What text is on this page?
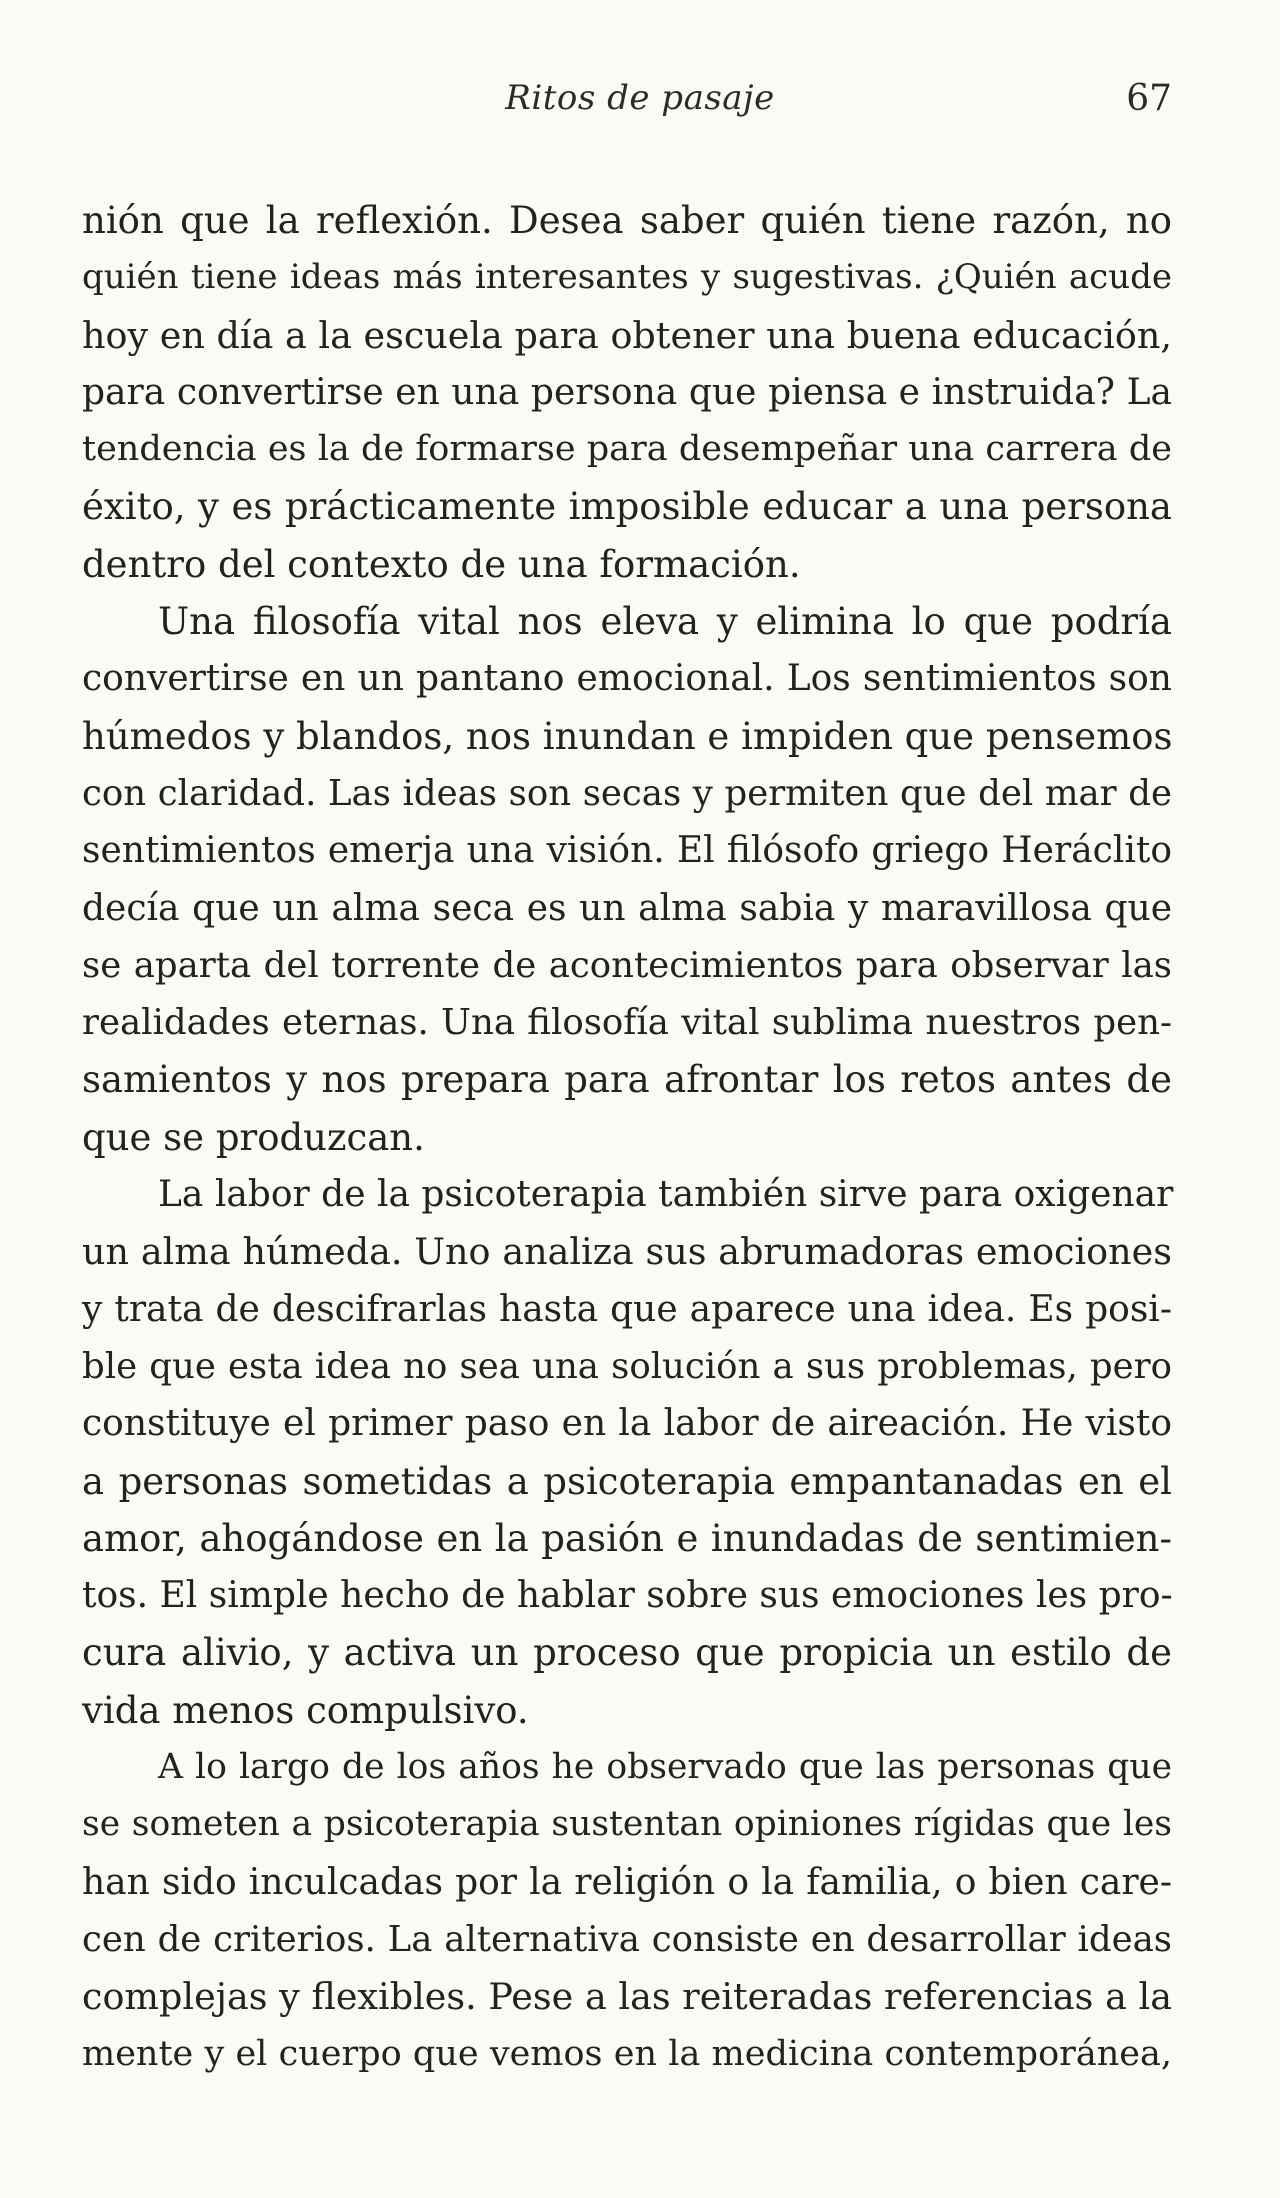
Ritos de pasaje	67

nión que la reflexión. Desea saber quién tiene razón, no
quién tiene ideas más interesantes y sugestivas. ¿Quién acude
hoy en día a la escuela para obtener una buena educación,
para convertirse en una persona que piensa e instruida? La
tendencia es la de formarse para desempeñar una carrera de
éxito, y es prácticamente imposible educar a una persona
dentro del contexto de una formación.

Una filosofía vital nos eleva y elimina lo que podría
convertirse en un pantano emocional. Los sentimientos son
húmedos y blandos, nos inundan e impiden que pensemos
con claridad. Las ideas son secas y permiten que del mar de
sentimientos emerja una visión. El filósofo griego Heráclito
decía que un alma seca es un alma sabia y maravillosa que
se aparta del torrente de acontecimientos para observar las
realidades eternas. Una filosofía vital sublima nuestros pen-
samientos y nos prepara para afrontar los retos antes de
que se produzcan.

La labor de la psicoterapia también sirve para oxigenar
un alma húmeda. Uno analiza sus abrumadoras emociones
y trata de descifrarlas hasta que aparece una idea. Es posi-
ble que esta idea no sea una solución a sus problemas, pero
constituye el primer paso en la labor de aireación. He visto
a personas sometidas a psicoterapia empantanadas en el
amor, ahogándose en la pasión e inundadas de sentimien-
tos. El simple hecho de hablar sobre sus emociones les pro-
cura alivio, y activa un proceso que propicia un estilo de
vida menos compulsivo.

A lo largo de los años he observado que las personas que
se someten a psicoterapia sustentan opiniones rígidas que les
han sido inculcadas por la religión o la familia, o bien care-
cen de criterios. La alternativa consiste en desarrollar ideas
complejas y flexibles. Pese a las reiteradas referencias a la
mente y el cuerpo que vemos en la medicina contemporánea,
